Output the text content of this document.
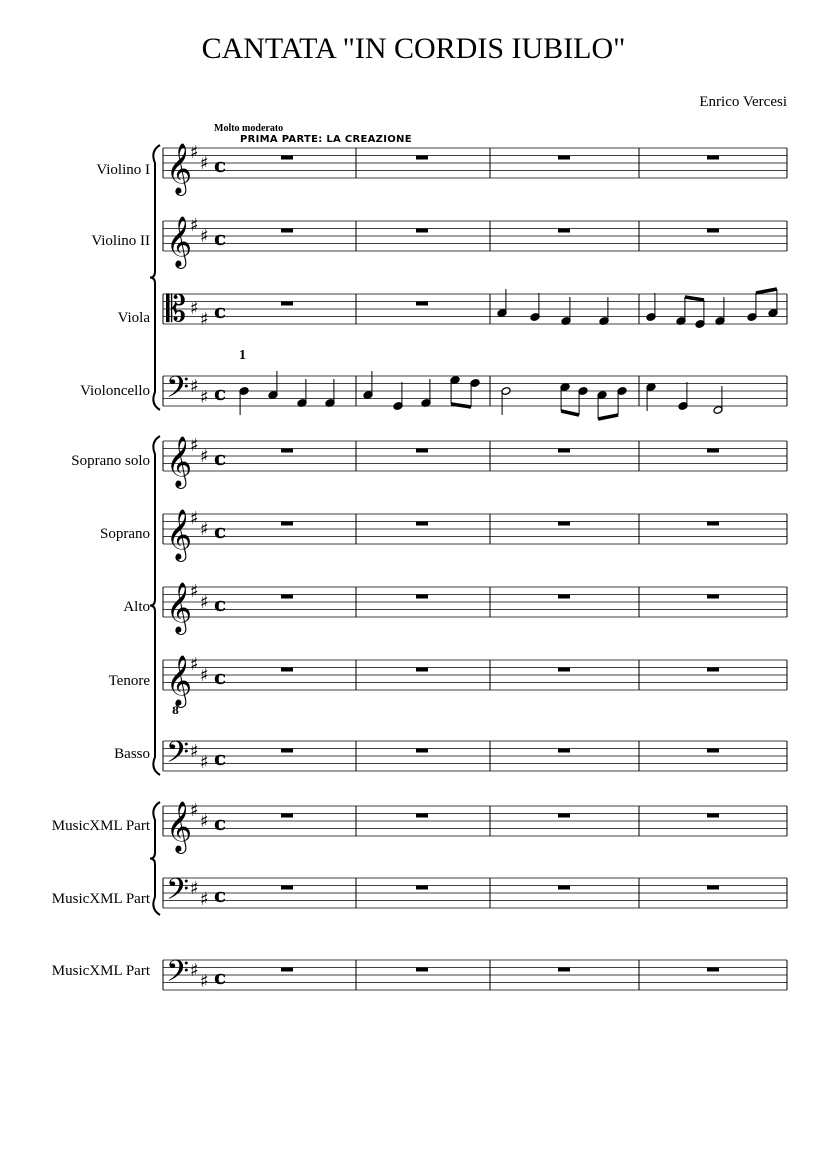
CANTATA "IN CORDIS IUBILO"
Enrico Vercesi
Molto moderato
PRIMA PARTE: LA CREAZIONE
1
Violino I
Violino II
Viola
Violoncello
Soprano solo
Soprano
Alto
Tenore
Basso
MusicXML Part
MusicXML Part
MusicXML Part
𝄞
♯
♯ c
𝄞
♯
♯ c
𝄡 ♯
♯ c
𝄢 ♯
♯ c
𝄞
♯
♯ c
𝄞
♯
♯ c
𝄞
♯
♯ c
𝄞
8
♯
♯ c
𝄢 ♯
♯ c
𝄞
♯
♯ c
𝄢 ♯
♯ c
𝄢 ♯
♯ c
